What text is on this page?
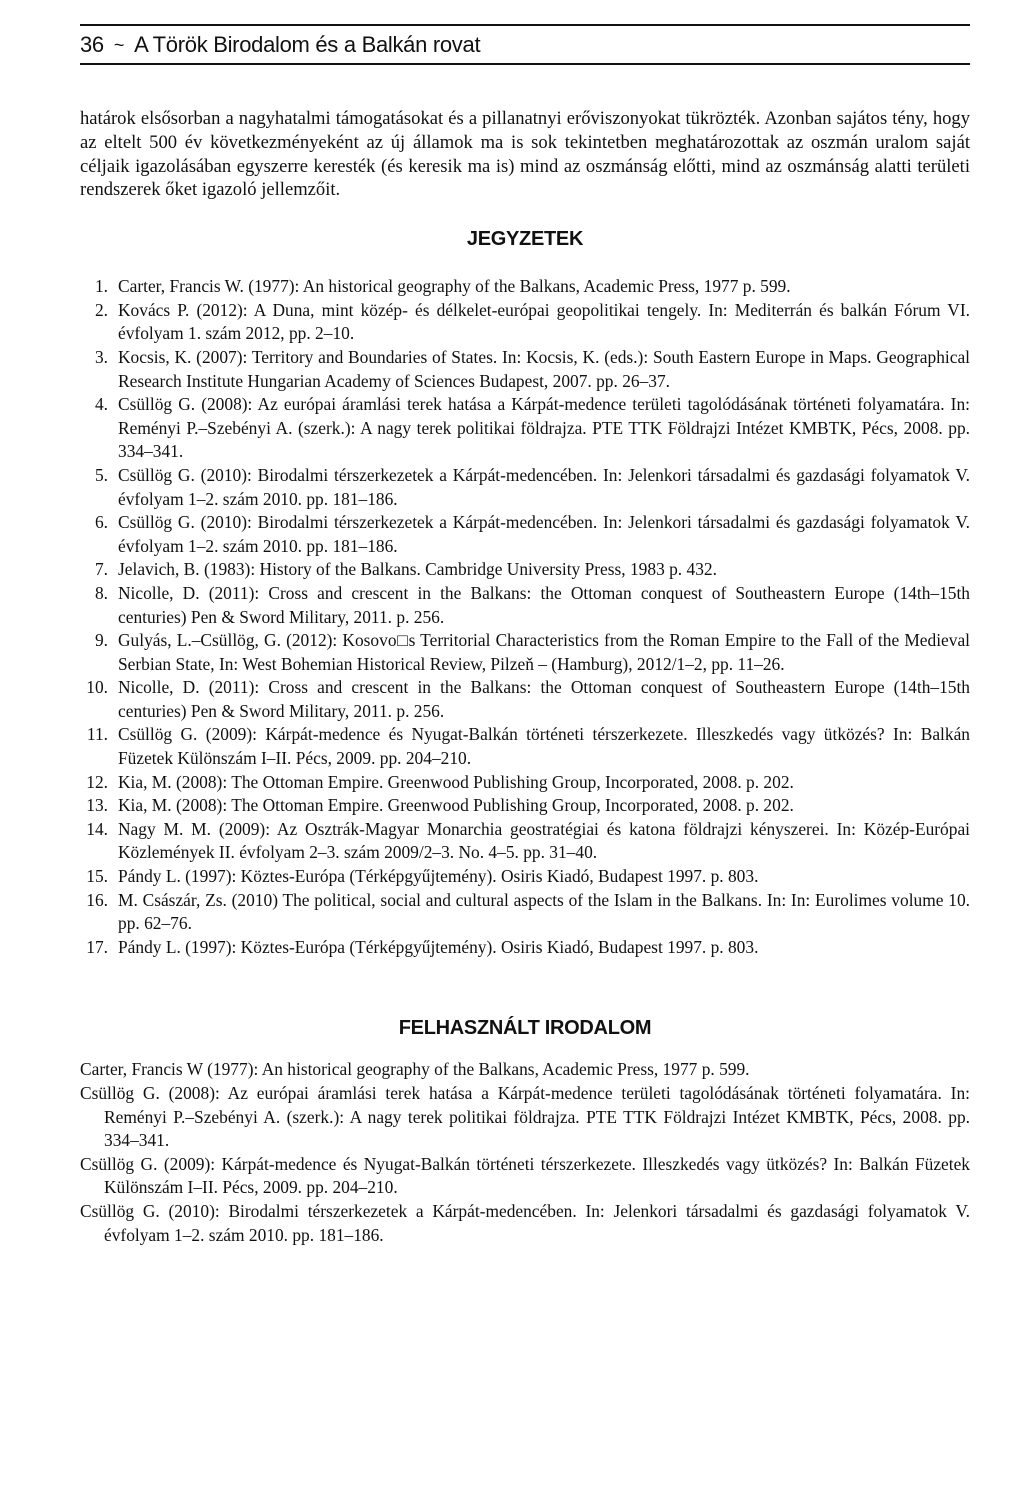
36 ~ A Török Birodalom és a Balkán rovat

határok elsősorban a nagyhatalmi támogatásokat és a pillanatnyi erőviszonyokat tükrözték. Azonban sajátos tény, hogy az eltelt 500 év következményeként az új államok ma is sok tekintetben meghatározottak az oszmán uralom saját céljaik igazolásában egyszerre keresték (és keresik ma is) mind az oszmánság előtti, mind az oszmánság alatti területi rendszerek őket igazoló jellemzőit.

JEGYZETEK
1. Carter, Francis W. (1977): An historical geography of the Balkans, Academic Press, 1977 p. 599.
2. Kovács P. (2012): A Duna, mint közép- és délkelet-európai geopolitikai tengely. In: Mediterrán és balkán Fórum VI. évfolyam 1. szám 2012, pp. 2–10.
3. Kocsis, K. (2007): Territory and Boundaries of States. In: Kocsis, K. (eds.): South Eastern Europe in Maps. Geographical Research Institute Hungarian Academy of Sciences Budapest, 2007. pp. 26–37.
4. Csüllög G. (2008): Az európai áramlási terek hatása a Kárpát-medence területi tagolódásának történeti folyamatára. In: Reményi P.–Szebényi A. (szerk.): A nagy terek politikai földrajza. PTE TTK Földrajzi Intézet KMBTK, Pécs, 2008. pp. 334–341.
5. Csüllög G. (2010): Birodalmi térszerkezetek a Kárpát-medencében. In: Jelenkori társadalmi és gazdasági folyamatok V. évfolyam 1–2. szám 2010. pp. 181–186.
6. Csüllög G. (2010): Birodalmi térszerkezetek a Kárpát-medencében. In: Jelenkori társadalmi és gazdasági folyamatok V. évfolyam 1–2. szám 2010. pp. 181–186.
7. Jelavich, B. (1983): History of the Balkans. Cambridge University Press, 1983 p. 432.
8. Nicolle, D. (2011): Cross and crescent in the Balkans: the Ottoman conquest of Southeastern Europe (14th–15th centuries) Pen & Sword Military, 2011. p. 256.
9. Gulyás, L.–Csüllög, G. (2012): Kosovo□s Territorial Characteristics from the Roman Empire to the Fall of the Medieval Serbian State, In: West Bohemian Historical Review, Pilzeň – (Hamburg), 2012/1–2, pp. 11–26.
10. Nicolle, D. (2011): Cross and crescent in the Balkans: the Ottoman conquest of Southeastern Europe (14th–15th centuries) Pen & Sword Military, 2011. p. 256.
11. Csüllög G. (2009): Kárpát-medence és Nyugat-Balkán történeti térszerkezete. Illeszkedés vagy ütközés? In: Balkán Füzetek Különszám I–II. Pécs, 2009. pp. 204–210.
12. Kia, M. (2008): The Ottoman Empire. Greenwood Publishing Group, Incorporated, 2008. p. 202.
13. Kia, M. (2008): The Ottoman Empire. Greenwood Publishing Group, Incorporated, 2008. p. 202.
14. Nagy M. M. (2009): Az Osztrák-Magyar Monarchia geostratégiai és katona földrajzi kényszerei. In: Közép-Európai Közlemények II. évfolyam 2–3. szám 2009/2–3. No. 4–5. pp. 31–40.
15. Pándy L. (1997): Köztes-Európa (Térképgyűjtemény). Osiris Kiadó, Budapest 1997. p. 803.
16. M. Császár, Zs. (2010) The political, social and cultural aspects of the Islam in the Balkans. In: In: Eurolimes volume 10. pp. 62–76.
17. Pándy L. (1997): Köztes-Európa (Térképgyűjtemény). Osiris Kiadó, Budapest 1997. p. 803.
FELHASZNÁLT IRODALOM
Carter, Francis W (1977): An historical geography of the Balkans, Academic Press, 1977 p. 599.
Csüllög G. (2008): Az európai áramlási terek hatása a Kárpát-medence területi tagolódásának történeti folyamatára. In: Reményi P.–Szebényi A. (szerk.): A nagy terek politikai földrajza. PTE TTK Földrajzi Intézet KMBTK, Pécs, 2008. pp. 334–341.
Csüllög G. (2009): Kárpát-medence és Nyugat-Balkán történeti térszerkezete. Illeszkedés vagy ütközés? In: Balkán Füzetek Különszám I–II. Pécs, 2009. pp. 204–210.
Csüllög G. (2010): Birodalmi térszerkezetek a Kárpát-medencében. In: Jelenkori társadalmi és gazdasági folyamatok V. évfolyam 1–2. szám 2010. pp. 181–186.
